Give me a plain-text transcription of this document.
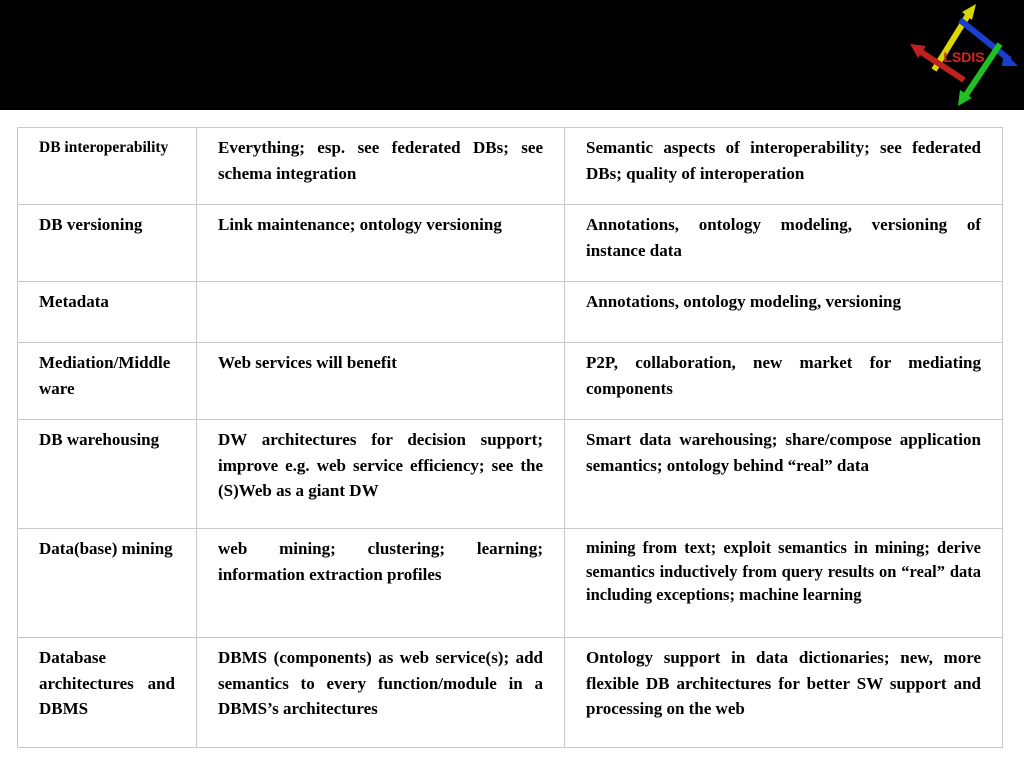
LSDIS
DB interoperability	Everything; esp. see federated DBs; see schema integration	Semantic aspects of interoperability; see federated DBs; quality of interoperation
DB versioning	Link maintenance; ontology versioning	Annotations, ontology modeling, versioning of instance data
Metadata		Annotations, ontology modeling, versioning
Mediation/Middleware	Web services will benefit	P2P, collaboration, new market for mediating components
DB warehousing	DW architectures for decision support; improve e.g. web service efficiency; see the (S)Web as a giant DW	Smart data warehousing; share/compose application semantics; ontology behind “real” data
Data(base) mining	web mining; clustering; learning; information extraction profiles	mining from text; exploit semantics in mining; derive semantics inductively from query results on “real” data including exceptions; machine learning
Database architectures and DBMS	DBMS (components) as web service(s); add semantics to every function/module in a DBMS’s architectures	Ontology support in data dictionaries; new, more flexible DB architectures for better SW support and processing on the web
